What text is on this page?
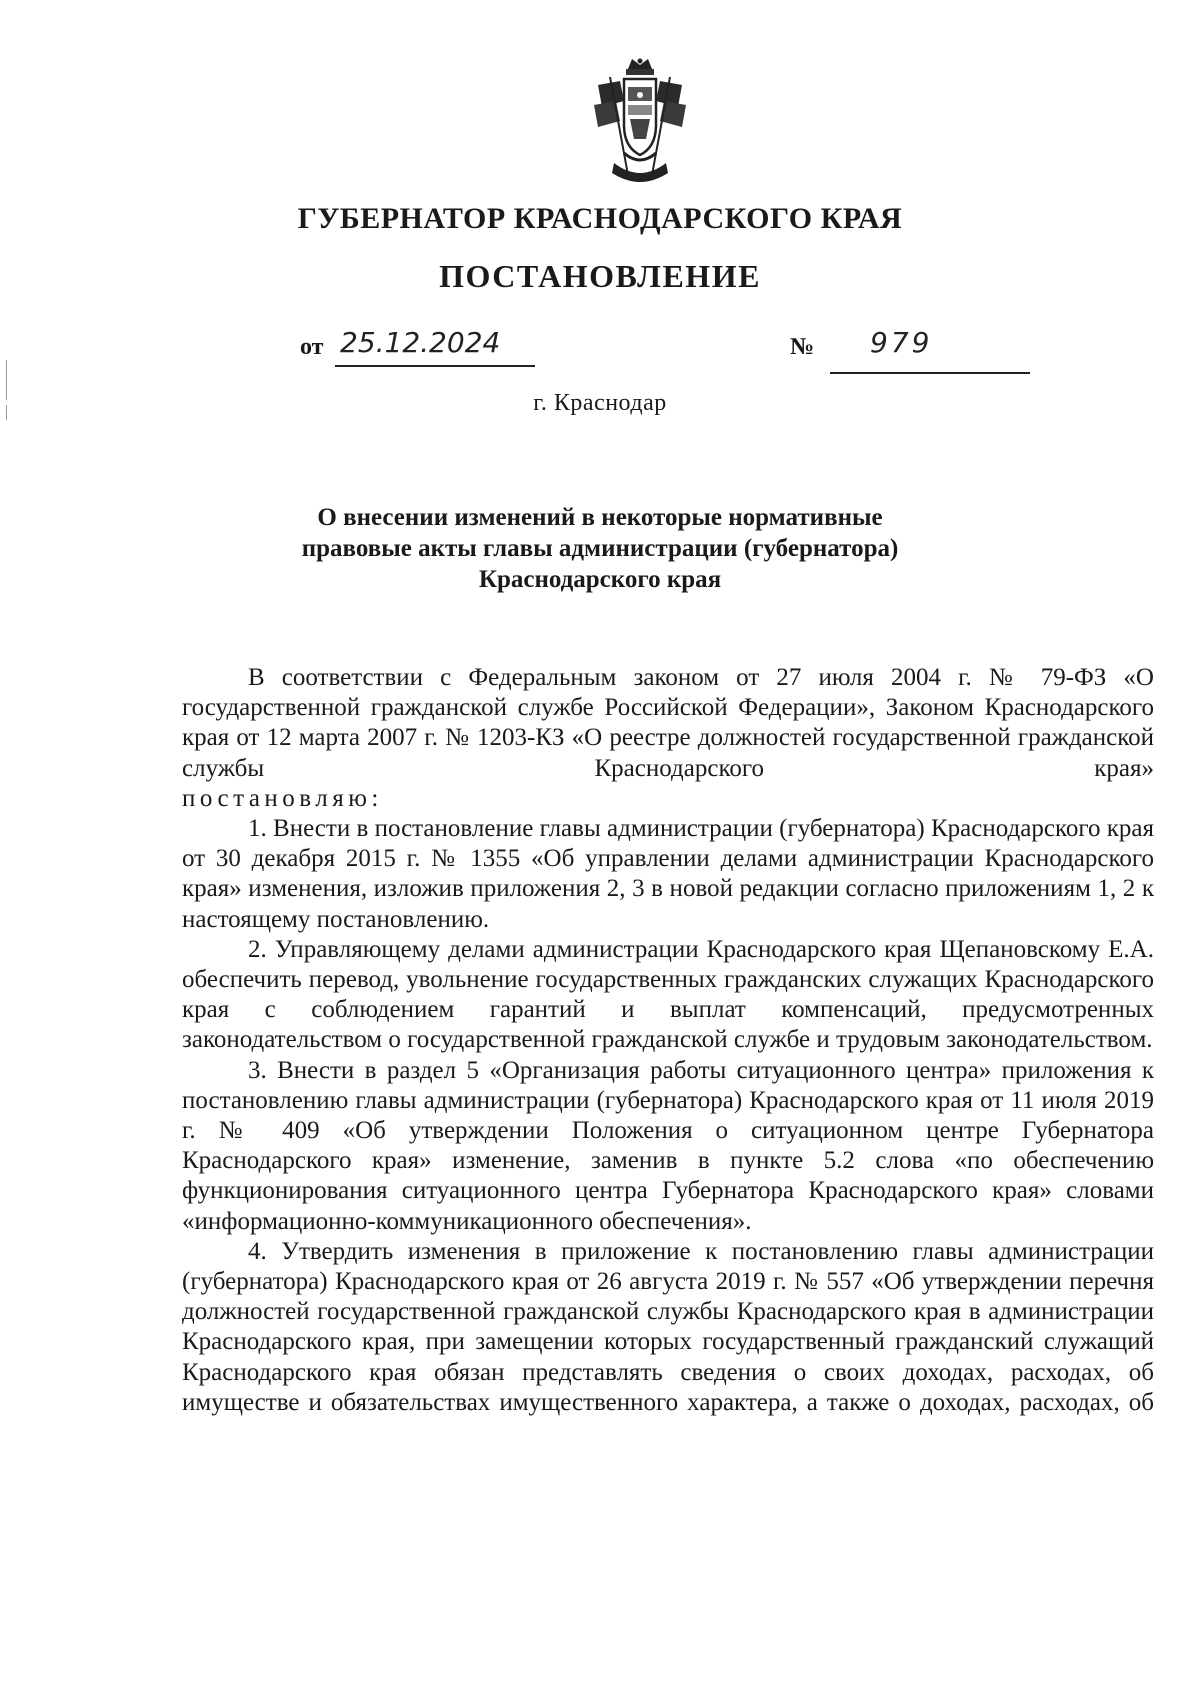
ГУБЕРНАТОР КРАСНОДАРСКОГО КРАЯ
ПОСТАНОВЛЕНИЕ
от 25.12.2024	№ 979
г. Краснодар
О внесении изменений в некоторые нормативные
правовые акты главы администрации (губернатора)
Краснодарского края

В соответствии с Федеральным законом от 27 июля 2004 г. № 79-ФЗ «О государственной гражданской службе Российской Федерации», Законом Краснодарского края от 12 марта 2007 г. № 1203-КЗ «О реестре должностей государственной гражданской службы Краснодарского края»

постановляю:

1. Внести в постановление главы администрации (губернатора) Краснодарского края от 30 декабря 2015 г. № 1355 «Об управлении делами администрации Краснодарского края» изменения, изложив приложения 2, 3 в новой редакции согласно приложениям 1, 2 к настоящему постановлению.

2. Управляющему делами администрации Краснодарского края Щепановскому Е.А. обеспечить перевод, увольнение государственных гражданских служащих Краснодарского края с соблюдением гарантий и выплат компенсаций, предусмотренных законодательством о государственной гражданской службе и трудовым законодательством.

3. Внести в раздел 5 «Организация работы ситуационного центра» приложения к постановлению главы администрации (губернатора) Краснодарского края от 11 июля 2019 г. № 409 «Об утверждении Положения о ситуационном центре Губернатора Краснодарского края» изменение, заменив в пункте 5.2 слова «по обеспечению функционирования ситуационного центра Губернатора Краснодарского края» словами «информационно-коммуникационного обеспечения».

4. Утвердить изменения в приложение к постановлению главы администрации (губернатора) Краснодарского края от 26 августа 2019 г. № 557 «Об утверждении перечня должностей государственной гражданской службы Краснодарского края в администрации Краснодарского края, при замещении которых государственный гражданский служащий Краснодарского края обязан представлять сведения о своих доходах, расходах, об имуществе и обязательствах имущественного характера, а также о доходах, расходах, об
